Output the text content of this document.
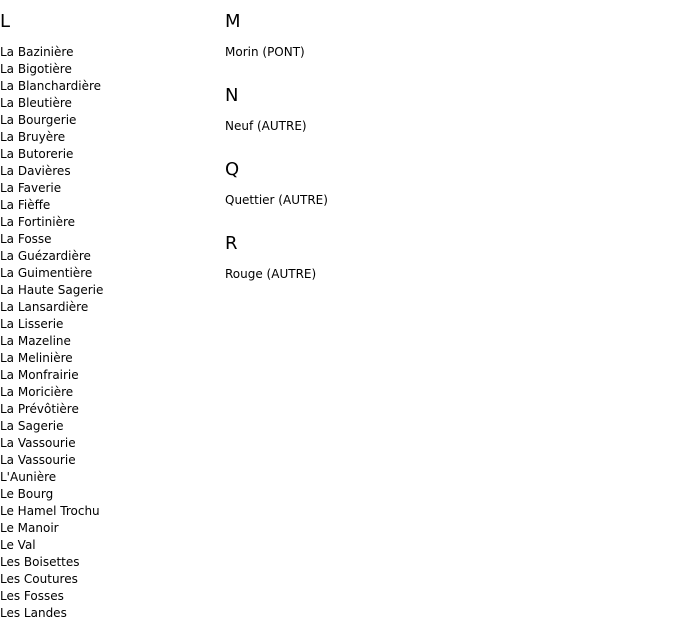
L
La Bazinière
La Bigotière
La Blanchardière
La Bleutière
La Bourgerie
La Bruyère
La Butorerie
La Davières
La Faverie
La Fièffe
La Fortinière
La Fosse
La Guézardière
La Guimentière
La Haute Sagerie
La Lansardière
La Lisserie
La Mazeline
La Melinière
La Monfrairie
La Moricière
La Prévôtière
La Sagerie
La Vassourie
La Vassourie
L'Aunière
Le Bourg
Le Hamel Trochu
Le Manoir
Le Val
Les Boisettes
Les Coutures
Les Fosses
Les Landes
M
Morin (PONT)
N
Neuf (AUTRE)
Q
Quettier (AUTRE)
R
Rouge (AUTRE)
